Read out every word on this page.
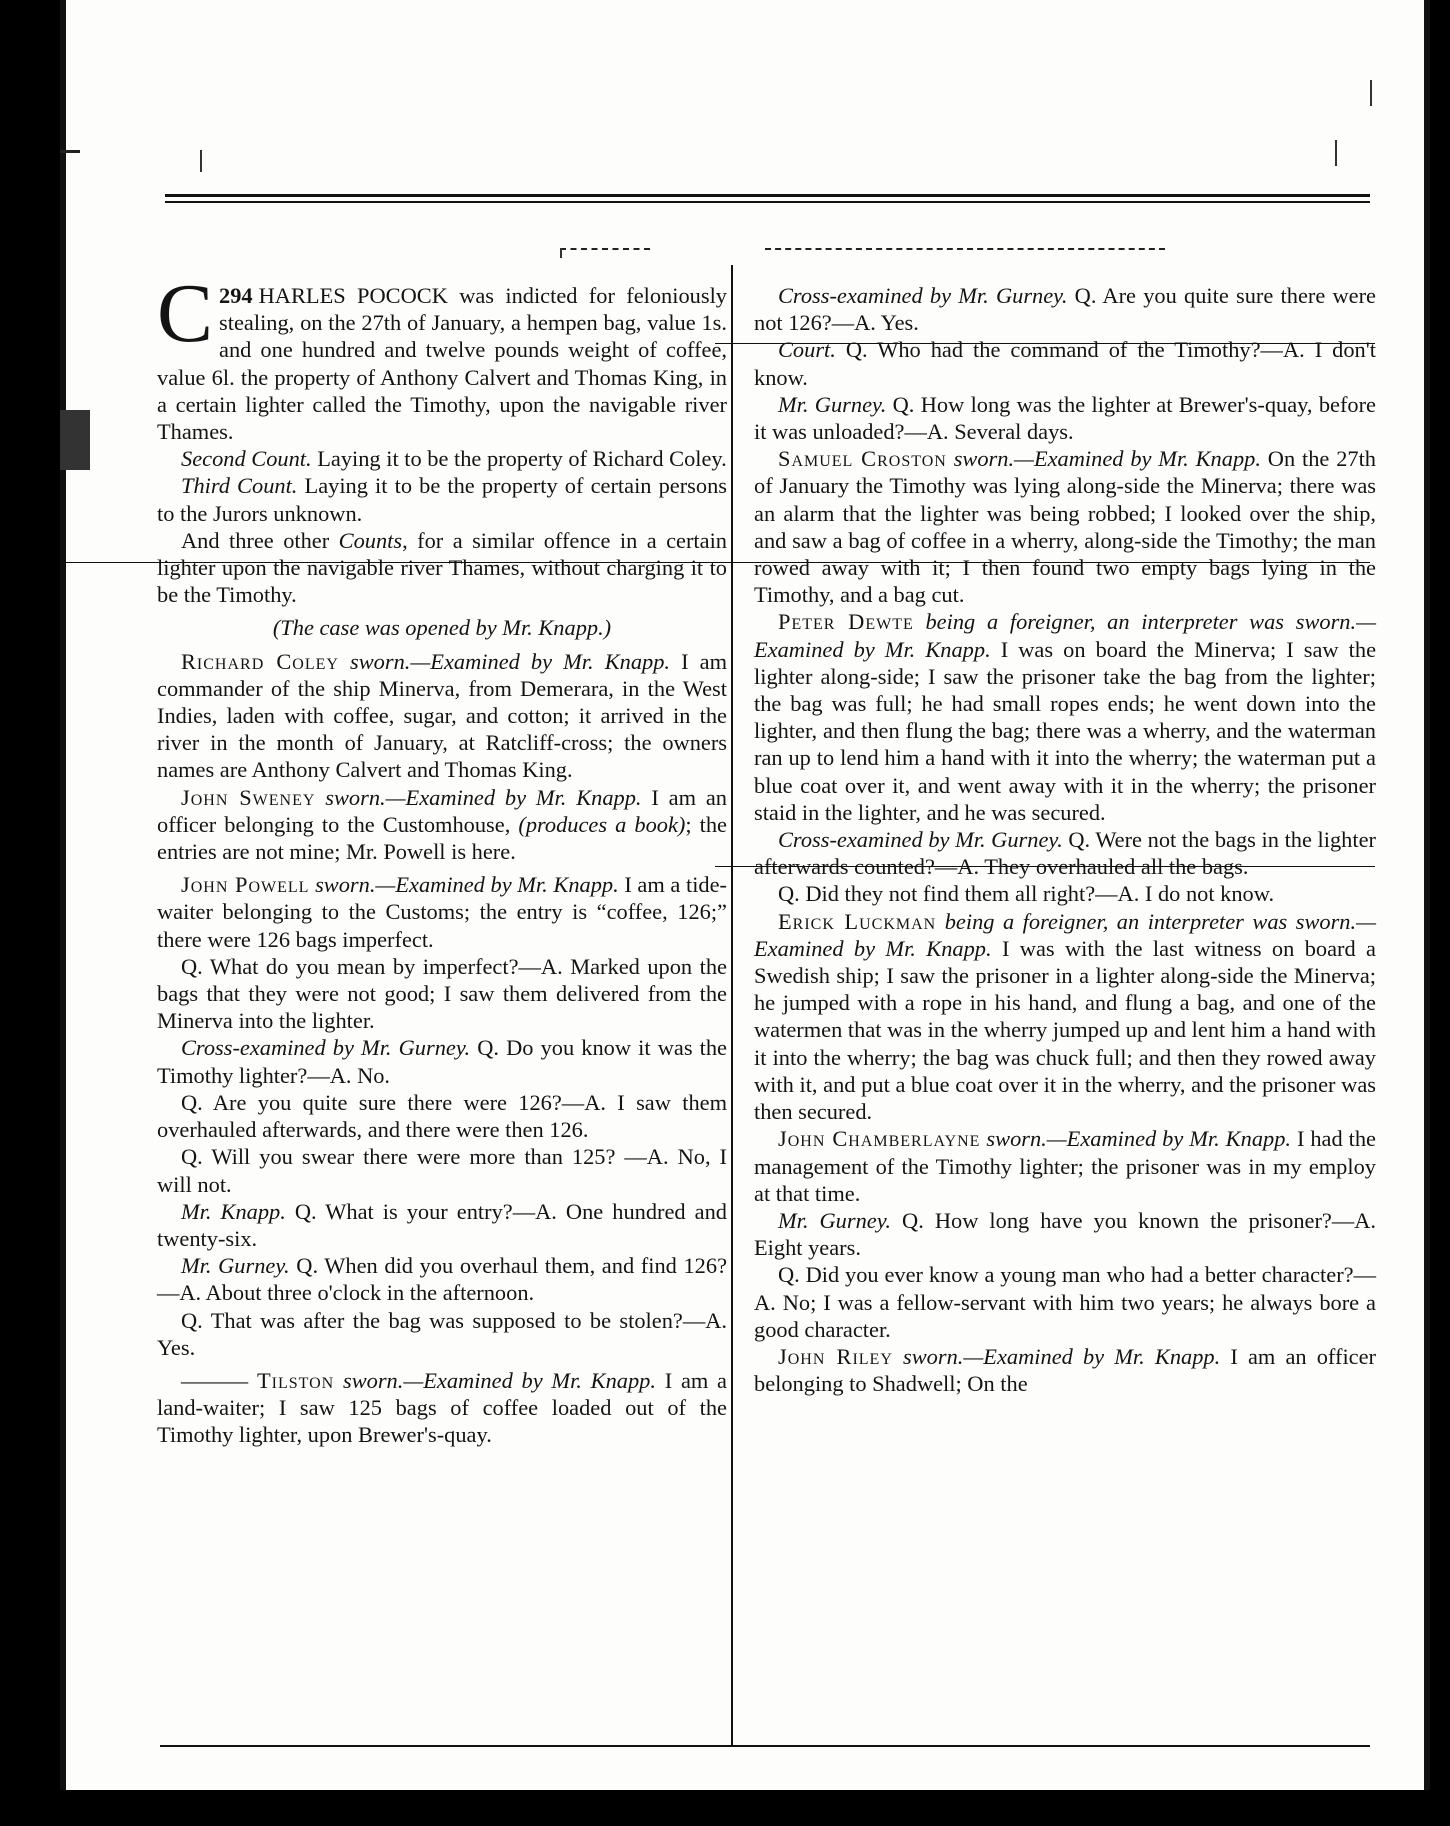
294
C HARLES POCOCK was indicted for feloniously stealing, on the 27th of January, a hempen bag, value 1s. and one hundred and twelve pounds weight of coffee, value 6l. the property of Anthony Calvert and Thomas King, in a certain lighter called the Timothy, upon the navigable river Thames.

Second Count. Laying it to be the property of Richard Coley.

Third Count. Laying it to be the property of certain persons to the Jurors unknown.

And three other Counts, for a similar offence in a certain lighter upon the navigable river Thames, without charging it to be the Timothy.

(The case was opened by Mr. Knapp.)

Richard Coley sworn.—Examined by Mr. Knapp. I am commander of the ship Minerva, from Demerara, in the West Indies, laden with coffee, sugar, and cotton; it arrived in the river in the month of January, at Ratcliff-cross; the owners names are Anthony Calvert and Thomas King.

John Sweney sworn.—Examined by Mr. Knapp. I am an officer belonging to the Customhouse, (produces a book); the entries are not mine; Mr. Powell is here.

John Powell sworn.—Examined by Mr. Knapp. I am a tide-waiter belonging to the Customs; the entry is “coffee, 126;” there were 126 bags imperfect.

Q. What do you mean by imperfect?—A. Marked upon the bags that they were not good; I saw them delivered from the Minerva into the lighter.

Cross-examined by Mr. Gurney. Q. Do you know it was the Timothy lighter?—A. No.

Q. Are you quite sure there were 126?—A. I saw them overhauled afterwards, and there were then 126.

Q. Will you swear there were more than 125? —A. No, I will not.

Mr. Knapp. Q. What is your entry?—A. One hundred and twenty-six.

Mr. Gurney. Q. When did you overhaul them, and find 126?—A. About three o'clock in the afternoon.

Q. That was after the bag was supposed to be stolen?—A. Yes.

——— Tilston sworn.—Examined by Mr. Knapp. I am a land-waiter; I saw 125 bags of coffee loaded out of the Timothy lighter, upon Brewer's-quay.

Cross-examined by Mr. Gurney. Q. Are you quite sure there were not 126?—A. Yes.

Court. Q. Who had the command of the Timothy?—A. I don't know.

Mr. Gurney. Q. How long was the lighter at Brewer's-quay, before it was unloaded?—A. Several days.

Samuel Croston sworn.—Examined by Mr. Knapp. On the 27th of January the Timothy was lying along-side the Minerva; there was an alarm that the lighter was being robbed; I looked over the ship, and saw a bag of coffee in a wherry, along-side the Timothy; the man rowed away with it; I then found two empty bags lying in the Timothy, and a bag cut.

Peter Dewte being a foreigner, an interpreter was sworn.—Examined by Mr. Knapp. I was on board the Minerva; I saw the lighter along-side; I saw the prisoner take the bag from the lighter; the bag was full; he had small ropes ends; he went down into the lighter, and then flung the bag; there was a wherry, and the waterman ran up to lend him a hand with it into the wherry; the waterman put a blue coat over it, and went away with it in the wherry; the prisoner staid in the lighter, and he was secured.

Cross-examined by Mr. Gurney. Q. Were not the bags in the lighter afterwards counted?—A. They overhauled all the bags.

Q. Did they not find them all right?—A. I do not know.

Erick Luckman being a foreigner, an interpreter was sworn.—Examined by Mr. Knapp. I was with the last witness on board a Swedish ship; I saw the prisoner in a lighter along-side the Minerva; he jumped with a rope in his hand, and flung a bag, and one of the watermen that was in the wherry jumped up and lent him a hand with it into the wherry; the bag was chuck full; and then they rowed away with it, and put a blue coat over it in the wherry, and the prisoner was then secured.

John Chamberlayne sworn.—Examined by Mr. Knapp. I had the management of the Timothy lighter; the prisoner was in my employ at that time.

Mr. Gurney. Q. How long have you known the prisoner?—A. Eight years.

Q. Did you ever know a young man who had a better character?—A. No; I was a fellow-servant with him two years; he always bore a good character.

John Riley sworn.—Examined by Mr. Knapp. I am an officer belonging to Shadwell; On the
